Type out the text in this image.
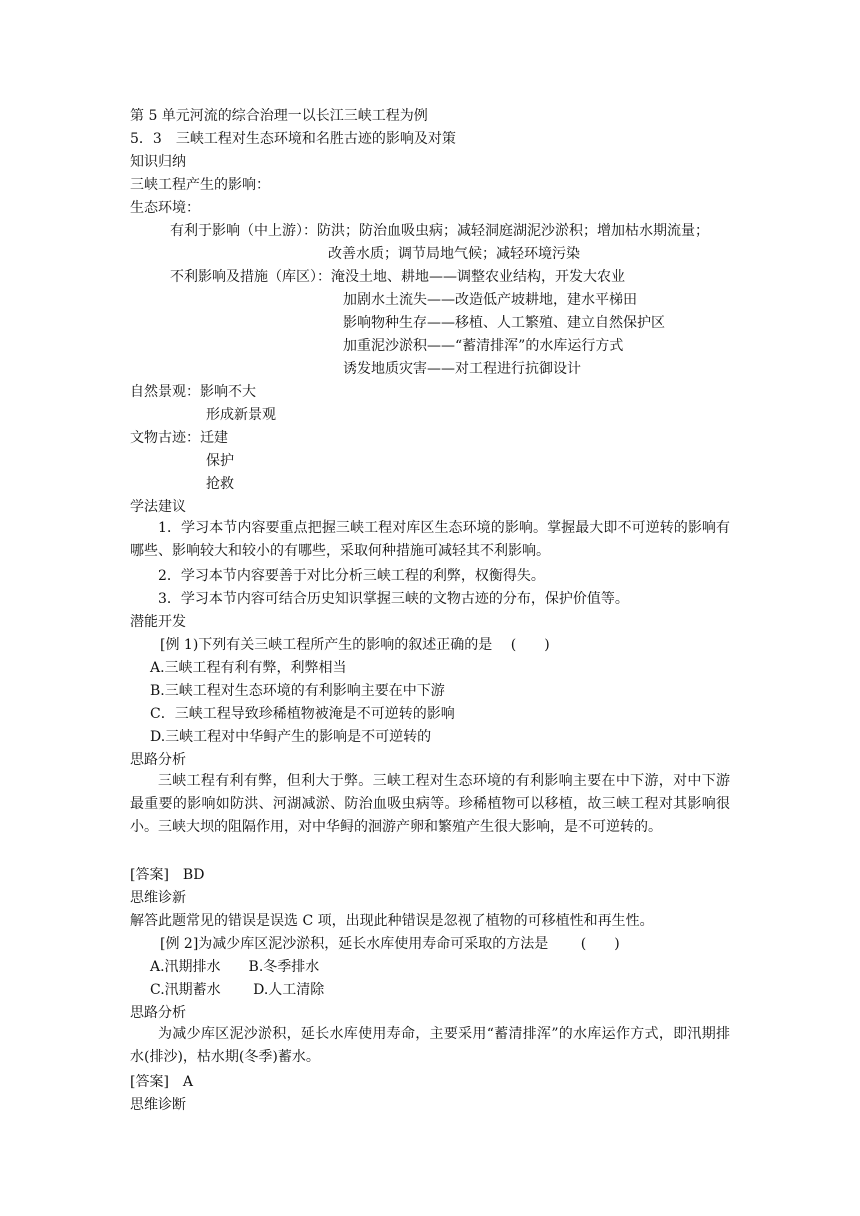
第 5 单元河流的综合治理一以长江三峡工程为例
5．3　三峡工程对生态环境和名胜古迹的影响及对策
知识归纳
三峡工程产生的影响：
生态环境：
有利于影响（中上游）：防洪；防治血吸虫病；减轻洞庭湖泥沙淤积；增加枯水期流量；
改善水质；调节局地气候；减轻环境污染
不利影响及措施（库区）：淹没土地、耕地——调整农业结构，开发大农业
加剧水土流失——改造低产坡耕地，建水平梯田
影响物种生存——移植、人工繁殖、建立自然保护区
加重泥沙淤积——“蓄清排浑”的水库运行方式
诱发地质灾害——对工程进行抗御设计
自然景观：影响不大
形成新景观
文物古迹：迁建
保护
抢救
学法建议
1．学习本节内容要重点把握三峡工程对库区生态环境的影响。掌握最大即不可逆转的影响有哪些、影响较大和较小的有哪些，采取何种措施可减轻其不利影响。
2．学习本节内容要善于对比分析三峡工程的利弊，权衡得失。
3．学习本节内容可结合历史知识掌握三峡的文物古迹的分布，保护价值等。
潜能开发
[例 1)下列有关三峡工程所产生的影响的叙述正确的是　 (　　)
A.三峡工程有利有弊，利弊相当
B.三峡工程对生态环境的有利影响主要在中下游
C．三峡工程导致珍稀植物被淹是不可逆转的影响
D.三峡工程对中华鲟产生的影响是不可逆转的
思路分析
三峡工程有利有弊，但利大于弊。三峡工程对生态环境的有利影响主要在中下游，对中下游最重要的影响如防洪、河湖减淤、防治血吸虫病等。珍稀植物可以移植，故三峡工程对其影响很小。三峡大坝的阻隔作用，对中华鲟的洄游产卵和繁殖产生很大影响，是不可逆转的。
[答案]　BD
思维诊新
解答此题常见的错误是误选 C 项，出现此种错误是忽视了植物的可移植性和再生性。
[例 2]为减少库区泥沙淤积，延长水库使用寿命可采取的方法是　　 (　　)
A.汛期排水　　B.冬季排水
C.汛期蓄水　　 D.人工清除
思路分析
为减少库区泥沙淤积，延长水库使用寿命，主要采用“蓄清排浑”的水库运作方式，即汛期排水(排沙)，枯水期(冬季)蓄水。
[答案]　A
思维诊断
